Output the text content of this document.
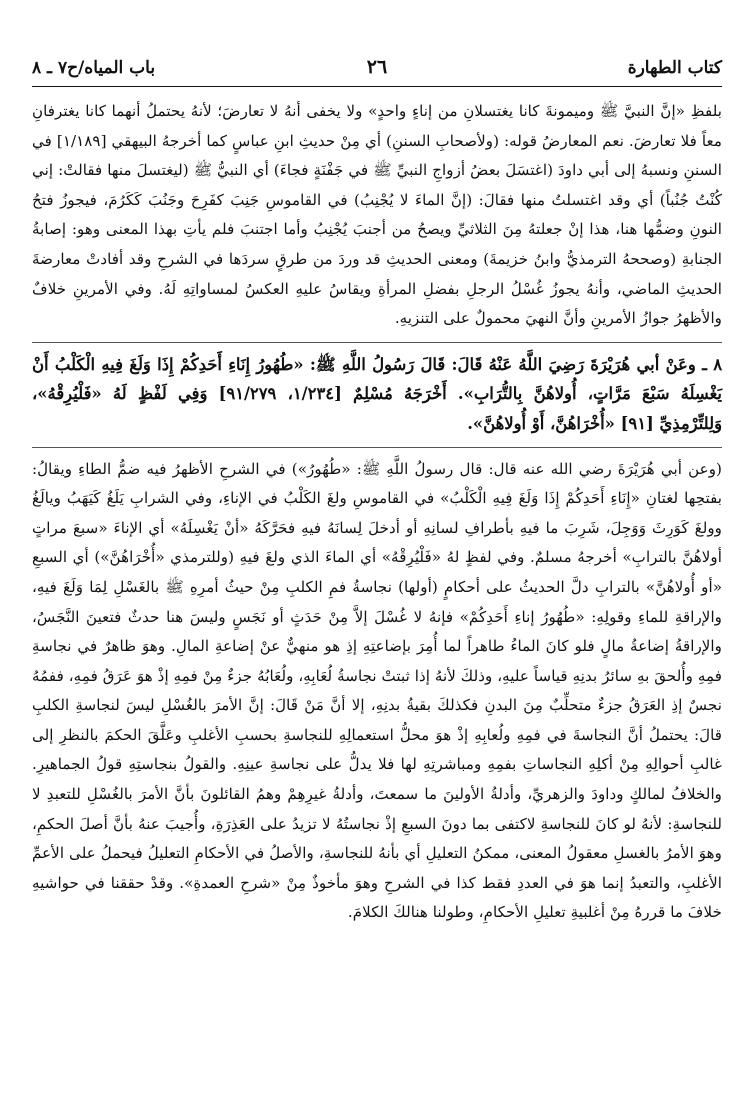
كتاب الطهارة
٢٦
باب المياه/ح٧ ـ ٨

بلفظِ «إنَّ النبيَّ ﷺ وميمونةَ كانا يغتسلانِ من إناءٍ واحدٍ» ولا يخفى أنهُ لا تعارضَ؛ لأنهُ يحتملُ أنهما كانا يغترفانِ معاً فلا تعارضَ. نعم المعارضُ قوله: (ولأصحابِ السننِ) أي مِنْ حديثِ ابنِ عباسٍ كما أخرجهُ البيهقي [١/١٨٩] في السننِ ونسبهُ إلى أبي داودَ (اغتسَلَ بعضُ أزواجِ النبيِّ ﷺ في جَفْنَةٍ فجاءَ) أي النبيُّ ﷺ (ليغتسلَ منها فقالتْ: إني كُنْتُ جُنُباً) أي وقد اغتسلتُ منها فقالَ: (إنَّ الماءَ لا يُجْنِبُ) في القاموسِ جَنِبَ كفَرِحَ وجَنُبَ كَكَرُمَ، فيجوزُ فتحُ النونِ وضمُّها هنا، هذا إنْ جعلتهُ مِنَ الثلاثيِّ ويصحُ من أجنبَ يُجْنِبُ وأما اجتنبَ فلم يأتِ بهذا المعنى وهو: إصابةُ الجنابةِ (وصححهُ الترمذيُّ وابنُ خزيمةَ) ومعنى الحديثِ قد وردَ من طرقٍ سردَها في الشرحِ وقد أفادتْ معارضةَ الحديثِ الماضي، وأنهُ يجوزُ غُسْلُ الرجلِ بفضلِ المرأةِ ويقاسُ عليهِ العكسُ لمساواتِهِ لَهُ. وفي الأمرينِ خلافٌ والأظهرُ جوازُ الأمرينِ وأنَّ النهيَ محمولٌ على التنزيهِ.

٨ ـ وعَنْ أبي هُرَيْرَةَ رَضِيَ اللَّهُ عَنْهُ قَالَ: قَالَ رَسُولُ اللَّهِ ﷺ: «طُهُورُ إِنَاءِ أَحَدِكُمْ إِذَا وَلَغَ فِيهِ الْكَلْبُ أَنْ يَغْسِلَهُ سَبْعَ مَرَّاتٍ، أُولاهُنَّ بِالتُّرَابِ». أَخْرَجَهُ مُسْلِمٌ [١/٢٣٤، ٩١/٢٧٩] وَفِي لَفْظٍ لَهُ «فَلْيُرِقْهُ»، وَلِلتِّرْمِذِيِّ [٩١] «أُخْرَاهُنَّ، أَوْ أُولاهُنَّ».

(وعن أبي هُرَيْرَةَ رضي الله عنه قال: قال رسولُ اللَّهِ ﷺ: «طُهُورُ») في الشرحِ الأظهرُ فيه ضمُّ الطاءِ ويقالُ: بفتحِها لغتانِ «إِنَاءِ أَحَدِكُمْ إِذَا وَلَغَ فِيهِ الْكَلْبُ» في القاموسِ ولغَ الكَلْبُ في الإناءِ، وفي الشرابِ يَلَغُ كَيَهَبُ ويالَغُ وولغَ كَوَرِثَ وَوَجِلَ، شَرِبَ ما فيهِ بأطرافِ لسانِهِ أو أدخلَ لِسانَهُ فيهِ فحَرَّكَهُ «أنْ يَغْسِلَهُ» أي الإناءَ «سبعَ مراتٍ أولاهُنَّ بالترابِ» أخرجهُ مسلمٌ. وفي لفظٍ لهُ «فَلْيُرِقْهُ» أي الماءَ الذي ولغَ فيهِ (وللترمذي «أُخْرَاهُنَّ») أي السبعِ «أو أُولاهُنَّ» بالترابِ دلَّ الحديثُ على أحكامٍ (أولها) نجاسةُ فمِ الكلبِ مِنْ حيثُ أمرِهِ ﷺ بالغَسْلِ لِمَا وَلَغَ فيهِ، والإراقةِ للماءِ وقولِهِ: «طُهُورُ إناءِ أَحَدِكُمْ» فإنهُ لا غُسْلَ إلاَّ مِنْ حَدَثٍ أو نَجَسٍ وليسَ هنا حدثٌ فتعينَ النَّجَسُ، والإراقةُ إضاعةُ مالٍ فلو كانَ الماءُ طاهراً لما أُمِرَ بإضاعتِهِ إذِ هو منهيٌّ عنْ إضاعةِ المالِ. وهوَ ظاهرٌ في نجاسةِ فمِهِ وأُلحقَ بهِ سائرُ بدنِهِ قياساً عليهِ، وذلكَ لأنهُ إذا ثبتتْ نجاسةُ لُعَابِهِ، ولُعَابُهُ جزءٌ مِنْ فمِهِ إذْ هوَ عَرَقُ فمِهِ، ففمُهُ نجسٌ إذِ العَرَقُ جزءٌ متحلِّبٌ مِنَ البدنِ فكذلكَ بقيةُ بدنِهِ، إلا أنَّ مَنْ قَالَ: إنَّ الأمرَ بالغُسْلِ ليسَ لنجاسةِ الكلبِ قالَ: يحتملُ أنَّ النجاسةَ في فمِهِ ولُعابِهِ إذْ هوَ محلُّ استعمالِهِ للنجاسةِ بحسبِ الأغلبِ وعَلَّقَ الحكمَ بالنظرِ إلى غالبِ أحوالِهِ مِنْ أكلِهِ النجاساتِ بفمِهِ ومباشرتِهِ لها فلا يدلُّ على نجاسةِ عينِهِ. والقولُ بنجاستِهِ قولُ الجماهيرِ. والخلافُ لمالكٍ وداودَ والزهريِّ، وأدلةُ الأولينَ ما سمعتَ، وأدلةُ غيرِهِمْ وهمُ القائلونَ بأنَّ الأمرَ بالغُسْلِ للتعبدِ لا للنجاسةِ: لأنهُ لو كانَ للنجاسةِ لاكتفى بما دونَ السبعِ إذْ نجاستُهُ لا تزيدُ على العَذِرَةِ، وأُجيبَ عنهُ بأنَّ أصلَ الحكمِ، وهوَ الأمرُ بالغسلِ معقولُ المعنى، ممكنُ التعليلِ أي بأنهُ للنجاسةِ، والأصلُ في الأحكامِ التعليلُ فيحملُ على الأعمِّ الأغلبِ، والتعبدُ إنما هوَ في العددِ فقط كذا في الشرحِ وهوَ مأخوذٌ مِنْ «شرحِ العمدةِ». وقدْ حققنا في حواشيهِ خلافَ ما قررهُ مِنْ أغلبيةِ تعليلِ الأحكامِ، وطولنا هنالكَ الكلامَ.
